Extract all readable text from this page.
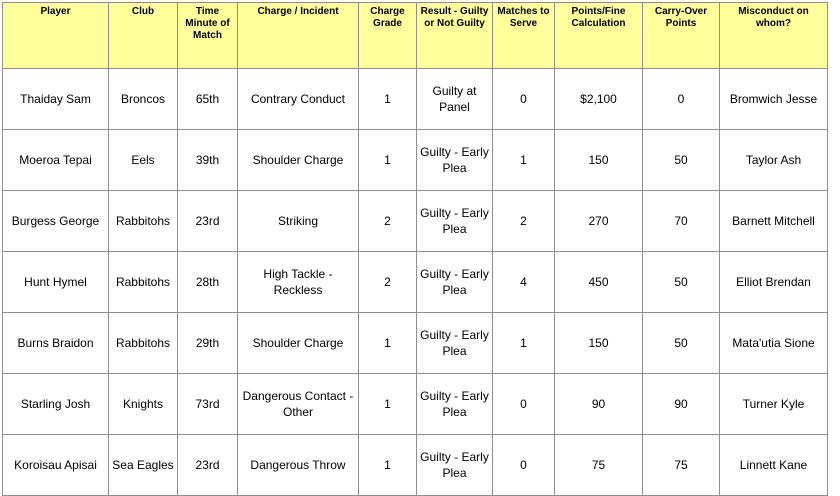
Player	Club	Time Minute of Match	Charge / Incident	Charge Grade	Result - Guilty or Not Guilty	Matches to Serve	Points/Fine Calculation	Carry-Over Points	Misconduct on whom?
Thaiday Sam	Broncos	65th	Contrary Conduct	1	Guilty at Panel	0	$2,100	0	Bromwich Jesse
Moeroa Tepai	Eels	39th	Shoulder Charge	1	Guilty - Early Plea	1	150	50	Taylor Ash
Burgess George	Rabbitohs	23rd	Striking	2	Guilty - Early Plea	2	270	70	Barnett Mitchell
Hunt Hymel	Rabbitohs	28th	High Tackle - Reckless	2	Guilty - Early Plea	4	450	50	Elliot Brendan
Burns Braidon	Rabbitohs	29th	Shoulder Charge	1	Guilty - Early Plea	1	150	50	Mata'utia Sione
Starling Josh	Knights	73rd	Dangerous Contact - Other	1	Guilty - Early Plea	0	90	90	Turner Kyle
Koroisau Apisai	Sea Eagles	23rd	Dangerous Throw	1	Guilty - Early Plea	0	75	75	Linnett Kane
